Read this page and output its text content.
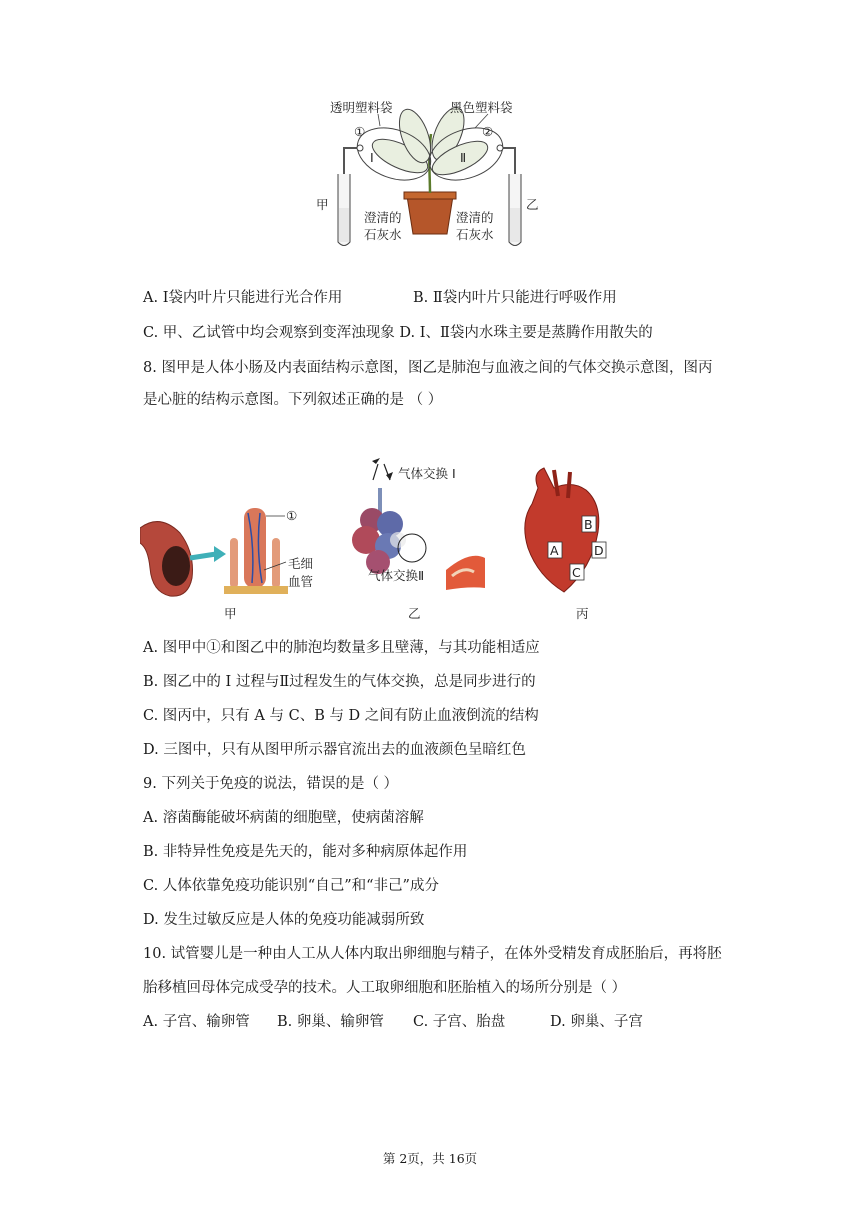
透明塑料袋	黑色塑料袋
①	②
Ⅰ	Ⅱ
甲	乙
澄清的
石灰水
澄清的
石灰水
A. Ⅰ袋内叶片只能进行光合作用	B. Ⅱ袋内叶片只能进行呼吸作用
C. 甲、乙试管中均会观察到变浑浊现象 D. Ⅰ、Ⅱ袋内水珠主要是蒸腾作用散失的
8. 图甲是人体小肠及内表面结构示意图，图乙是肺泡与血液之间的气体交换示意图，图丙
是心脏的结构示意图。下列叙述正确的是 （ ）
①
毛细
血管
气体交换 I
气体交换Ⅱ
A
B
C
D
甲	乙	丙
A. 图甲中①和图乙中的肺泡均数量多且壁薄，与其功能相适应
B. 图乙中的 I 过程与Ⅱ过程发生的气体交换，总是同步进行的
C. 图丙中，只有 A 与 C、B 与 D 之间有防止血液倒流的结构
D. 三图中，只有从图甲所示器官流出去的血液颜色呈暗红色
9. 下列关于免疫的说法，错误的是（ ）
A. 溶菌酶能破坏病菌的细胞壁，使病菌溶解
B. 非特异性免疫是先天的，能对多种病原体起作用
C. 人体依靠免疫功能识别“自己”和“非己”成分
D. 发生过敏反应是人体的免疫功能减弱所致
10. 试管婴儿是一种由人工从人体内取出卵细胞与精子，在体外受精发育成胚胎后，再将胚
胎移植回母体完成受孕的技术。人工取卵细胞和胚胎植入的场所分别是（ ）
A. 子宫、输卵管 B. 卵巢、输卵管 C. 子宫、胎盘	D. 卵巢、子宫
第 2页，共 16页
